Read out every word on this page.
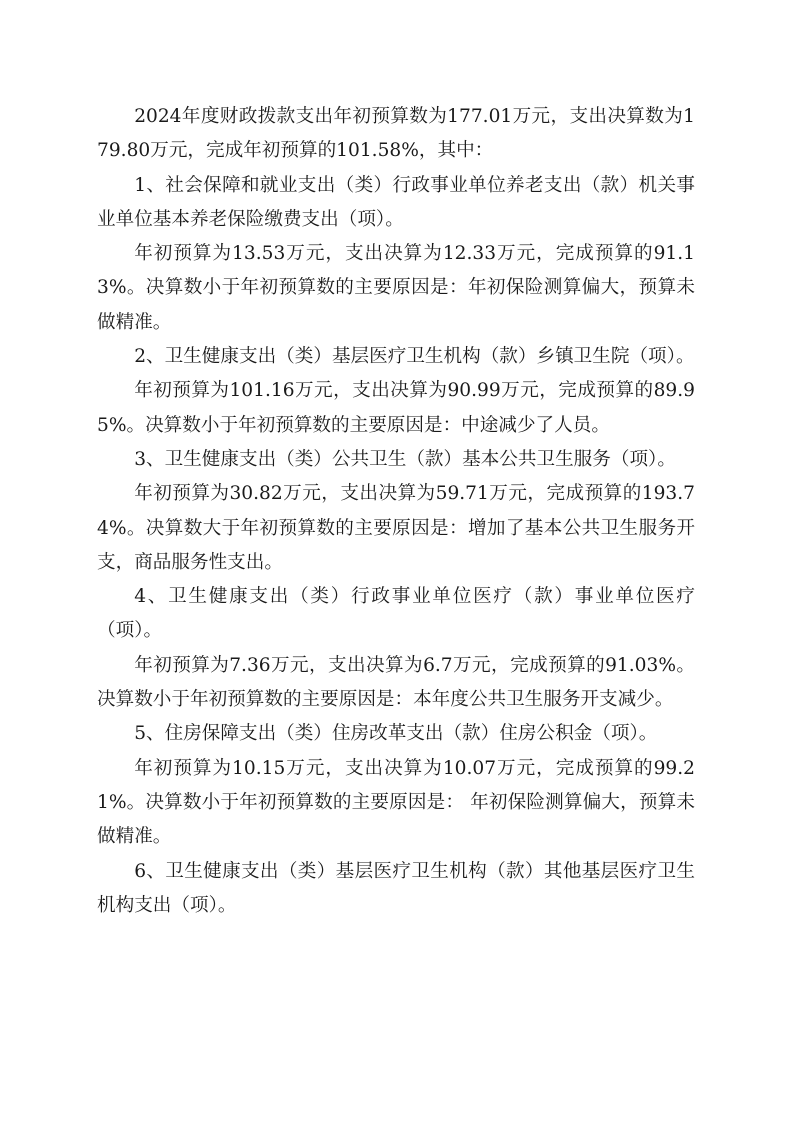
2024年度财政拨款支出年初预算数为177.01万元，支出决算数为179.80万元，完成年初预算的101.58%，其中：

1、社会保障和就业支出（类）行政事业单位养老支出（款）机关事业单位基本养老保险缴费支出（项）。

年初预算为13.53万元，支出决算为12.33万元，完成预算的91.13%。决算数小于年初预算数的主要原因是：年初保险测算偏大，预算未做精准。

2、卫生健康支出（类）基层医疗卫生机构（款）乡镇卫生院（项）。

年初预算为101.16万元，支出决算为90.99万元，完成预算的89.95%。决算数小于年初预算数的主要原因是：中途减少了人员。

3、卫生健康支出（类）公共卫生（款）基本公共卫生服务（项）。

年初预算为30.82万元，支出决算为59.71万元，完成预算的193.74%。决算数大于年初预算数的主要原因是：增加了基本公共卫生服务开支，商品服务性支出。

4、卫生健康支出（类）行政事业单位医疗（款）事业单位医疗（项）。

年初预算为7.36万元，支出决算为6.7万元，完成预算的91.03%。决算数小于年初预算数的主要原因是：本年度公共卫生服务开支减少。

5、住房保障支出（类）住房改革支出（款）住房公积金（项）。

年初预算为10.15万元，支出决算为10.07万元，完成预算的99.21%。决算数小于年初预算数的主要原因是： 年初保险测算偏大，预算未做精准。

6、卫生健康支出（类）基层医疗卫生机构（款）其他基层医疗卫生机构支出（项）。
